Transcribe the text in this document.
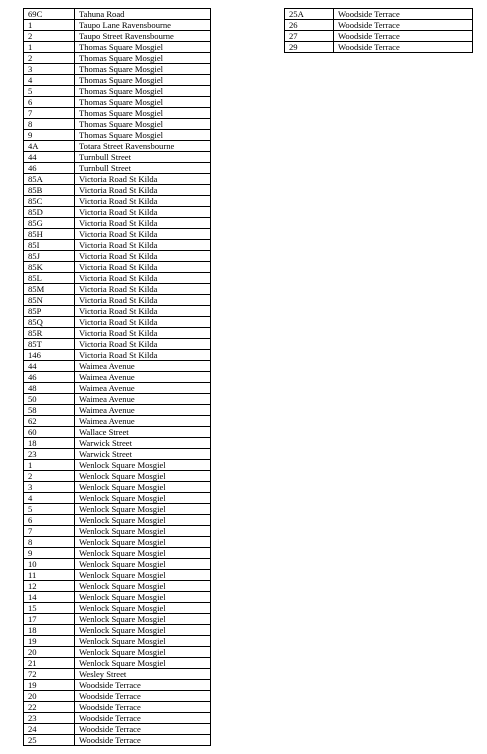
69C	Tahuna Road
1	Taupo Lane Ravensbourne
2	Taupo Street Ravensbourne
1	Thomas Square Mosgiel
2	Thomas Square Mosgiel
3	Thomas Square Mosgiel
4	Thomas Square Mosgiel
5	Thomas Square Mosgiel
6	Thomas Square Mosgiel
7	Thomas Square Mosgiel
8	Thomas Square Mosgiel
9	Thomas Square Mosgiel
4A	Totara Street Ravensbourne
44	Turnbull Street
46	Turnbull Street
85A	Victoria Road St Kilda
85B	Victoria Road St Kilda
85C	Victoria Road St Kilda
85D	Victoria Road St Kilda
85G	Victoria Road St Kilda
85H	Victoria Road St Kilda
85I	Victoria Road St Kilda
85J	Victoria Road St Kilda
85K	Victoria Road St Kilda
85L	Victoria Road St Kilda
85M	Victoria Road St Kilda
85N	Victoria Road St Kilda
85P	Victoria Road St Kilda
85Q	Victoria Road St Kilda
85R	Victoria Road St Kilda
85T	Victoria Road St Kilda
146	Victoria Road St Kilda
44	Waimea Avenue
46	Waimea Avenue
48	Waimea Avenue
50	Waimea Avenue
58	Waimea Avenue
62	Waimea Avenue
60	Wallace Street
18	Warwick Street
23	Warwick Street
1	Wenlock Square Mosgiel
2	Wenlock Square Mosgiel
3	Wenlock Square Mosgiel
4	Wenlock Square Mosgiel
5	Wenlock Square Mosgiel
6	Wenlock Square Mosgiel
7	Wenlock Square Mosgiel
8	Wenlock Square Mosgiel
9	Wenlock Square Mosgiel
10	Wenlock Square Mosgiel
11	Wenlock Square Mosgiel
12	Wenlock Square Mosgiel
14	Wenlock Square Mosgiel
15	Wenlock Square Mosgiel
17	Wenlock Square Mosgiel
18	Wenlock Square Mosgiel
19	Wenlock Square Mosgiel
20	Wenlock Square Mosgiel
21	Wenlock Square Mosgiel
72	Wesley Street
19	Woodside Terrace
20	Woodside Terrace
22	Woodside Terrace
23	Woodside Terrace
24	Woodside Terrace
25	Woodside Terrace
25A	Woodside Terrace
26	Woodside Terrace
27	Woodside Terrace
29	Woodside Terrace
